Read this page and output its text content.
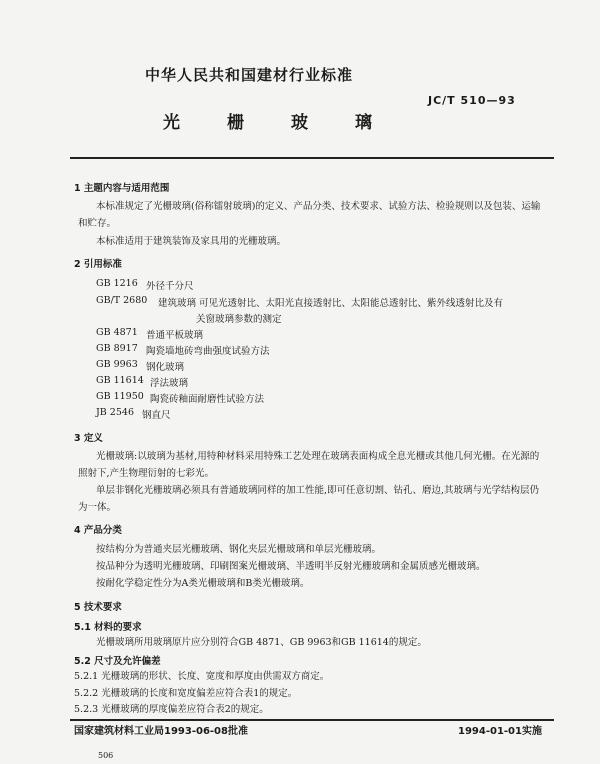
中华人民共和国建材行业标准
JC/T 510—93
光栅玻璃
1 主题内容与适用范围
本标准规定了光栅玻璃(俗称镭射玻璃)的定义、产品分类、技术要求、试验方法、检验规则以及包装、运输和贮存。
本标准适用于建筑装饰及家具用的光栅玻璃。
2 引用标准
GB 1216 外径千分尺
GB/T 2680 建筑玻璃 可见光透射比、太阳光直接透射比、太阳能总透射比、紫外线透射比及有
关窗玻璃参数的测定
GB 4871 普通平板玻璃
GB 8917 陶瓷墙地砖弯曲强度试验方法
GB 9963 钢化玻璃
GB 11614 浮法玻璃
GB 11950 陶瓷砖釉面耐磨性试验方法
JB 2546 钢直尺
3 定义
光栅玻璃:以玻璃为基材,用特种材料采用特殊工艺处理在玻璃表面构成全息光栅或其他几何光栅。在光源的照射下,产生物理衍射的七彩光。
单层非钢化光栅玻璃必须具有普通玻璃同样的加工性能,即可任意切割、钻孔、磨边,其玻璃与光学结构层仍为一体。
4 产品分类
按结构分为普通夹层光栅玻璃、钢化夹层光栅玻璃和单层光栅玻璃。
按品种分为透明光栅玻璃、印刷图案光栅玻璃、半透明半反射光栅玻璃和金属质感光栅玻璃。
按耐化学稳定性分为A类光栅玻璃和B类光栅玻璃。
5 技术要求
5.1 材料的要求
光栅玻璃所用玻璃原片应分别符合GB 4871、GB 9963和GB 11614的规定。
5.2 尺寸及允许偏差
5.2.1 光栅玻璃的形状、长度、宽度和厚度由供需双方商定。
5.2.2 光栅玻璃的长度和宽度偏差应符合表1的规定。
5.2.3 光栅玻璃的厚度偏差应符合表2的规定。
国家建筑材料工业局1993-06-08批准	1994-01-01实施
506
